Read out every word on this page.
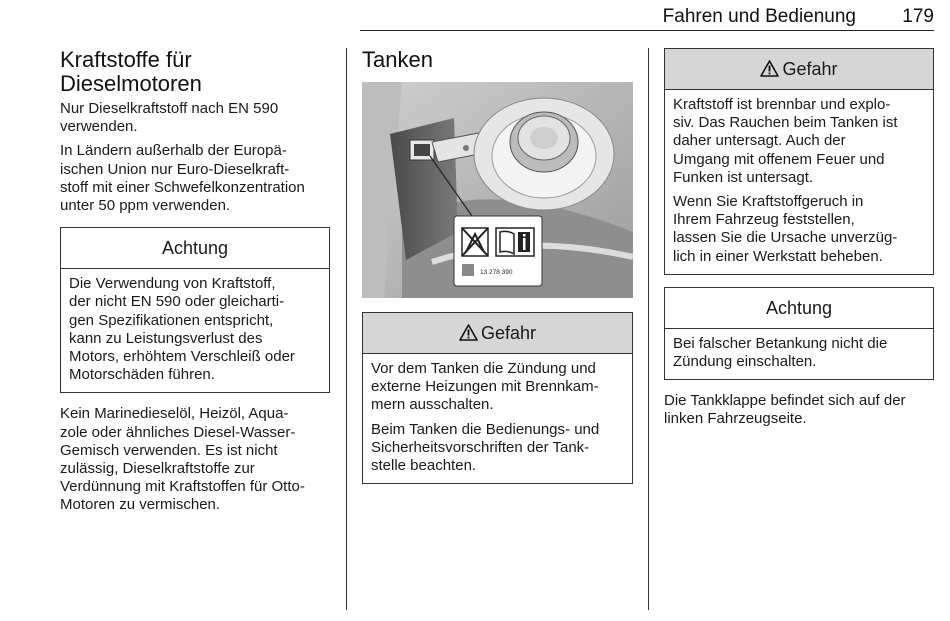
Fahren und Bedienung	179
Kraftstoffe für
Dieselmotoren

Nur Dieselkraftstoff nach EN 590
verwenden.

In Ländern außerhalb der Europä-
ischen Union nur Euro-Dieselkraft-
stoff mit einer Schwefelkonzentration
unter 50 ppm verwenden.

Achtung

Die Verwendung von Kraftstoff,
der nicht EN 590 oder gleicharti-
gen Spezifikationen entspricht,
kann zu Leistungsverlust des
Motors, erhöhtem Verschleiß oder
Motorschäden führen.

Kein Marinedieselöl, Heizöl, Aqua-
zole oder ähnliches Diesel-Wasser-
Gemisch verwenden. Es ist nicht
zulässig, Dieselkraftstoffe zur
Verdünnung mit Kraftstoffen für Otto-
Motoren zu vermischen.

Tanken
13 278 390
Gefahr

Vor dem Tanken die Zündung und
externe Heizungen mit Brennkam-
mern ausschalten.

Beim Tanken die Bedienungs- und
Sicherheitsvorschriften der Tank-
stelle beachten.

Gefahr

Kraftstoff ist brennbar und explo-
siv. Das Rauchen beim Tanken ist
daher untersagt. Auch der
Umgang mit offenem Feuer und
Funken ist untersagt.

Wenn Sie Kraftstoffgeruch in
Ihrem Fahrzeug feststellen,
lassen Sie die Ursache unverzüg-
lich in einer Werkstatt beheben.

Achtung

Bei falscher Betankung nicht die
Zündung einschalten.

Die Tankklappe befindet sich auf der
linken Fahrzeugseite.
